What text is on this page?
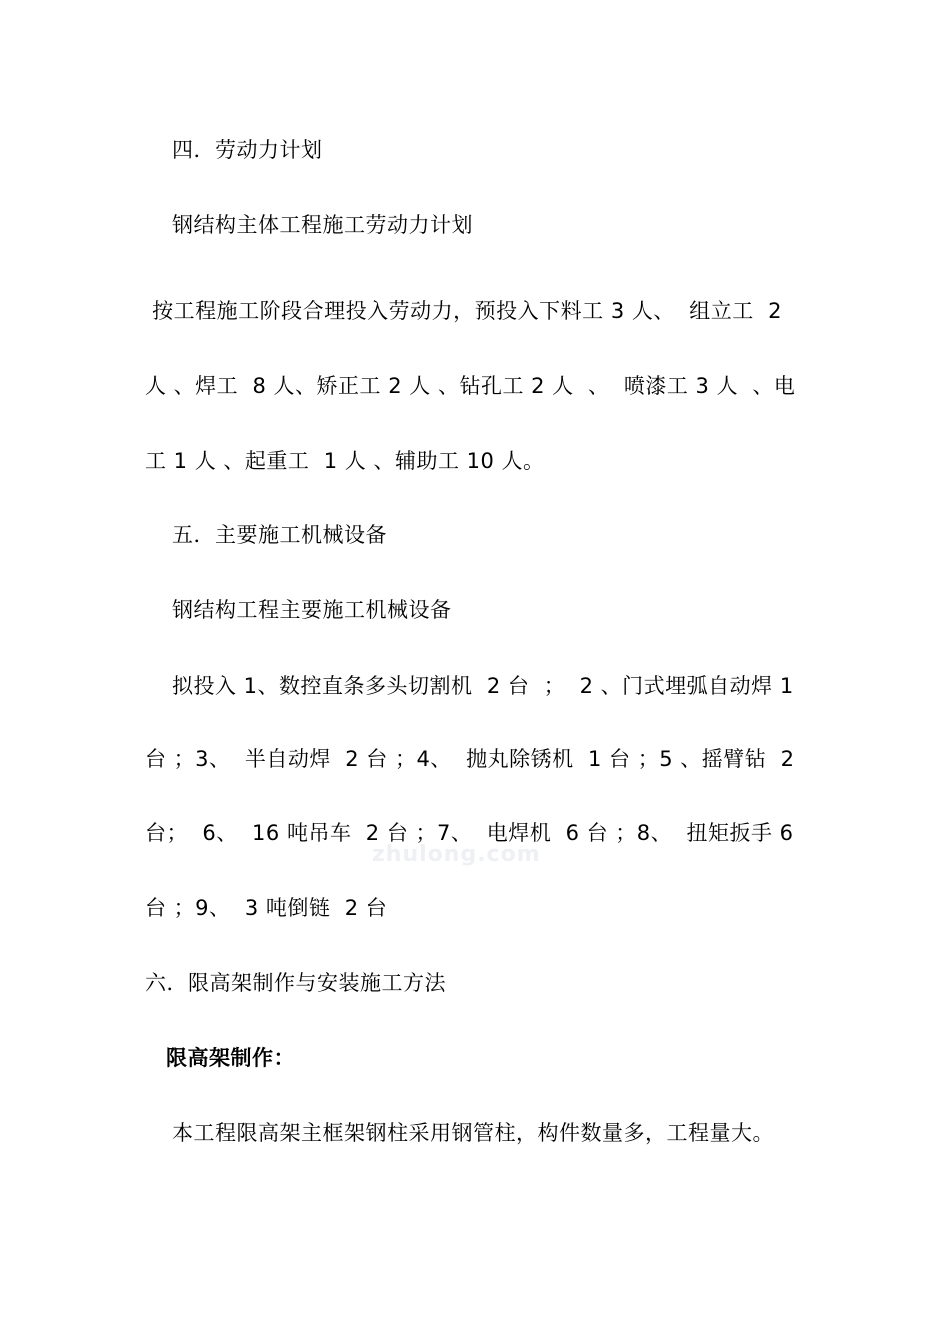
四．劳动力计划
钢结构主体工程施工劳动力计划
按工程施工阶段合理投入劳动力，预投入下料工 3 人、  组立工  2
人 、焊工  8 人、矫正工 2 人 、钻孔工 2 人  、  喷漆工 3 人  、电
工 1 人 、起重工  1 人 、辅助工 10 人。
五．主要施工机械设备
钢结构工程主要施工机械设备
拟投入 1、数控直条多头切割机  2 台  ；  2 、门式埋弧自动焊 1
台 ；3、  半自动焊  2 台 ；4、  抛丸除锈机  1 台 ；5 、摇臂钻  2
台；  6、  16 吨吊车  2 台 ；7、  电焊机  6 台 ；8、  扭矩扳手 6
台 ；9、  3 吨倒链  2 台
六．限高架制作与安装施工方法
限高架制作：
本工程限高架主框架钢柱采用钢管柱，构件数量多，工程量大。
zhulong.com
